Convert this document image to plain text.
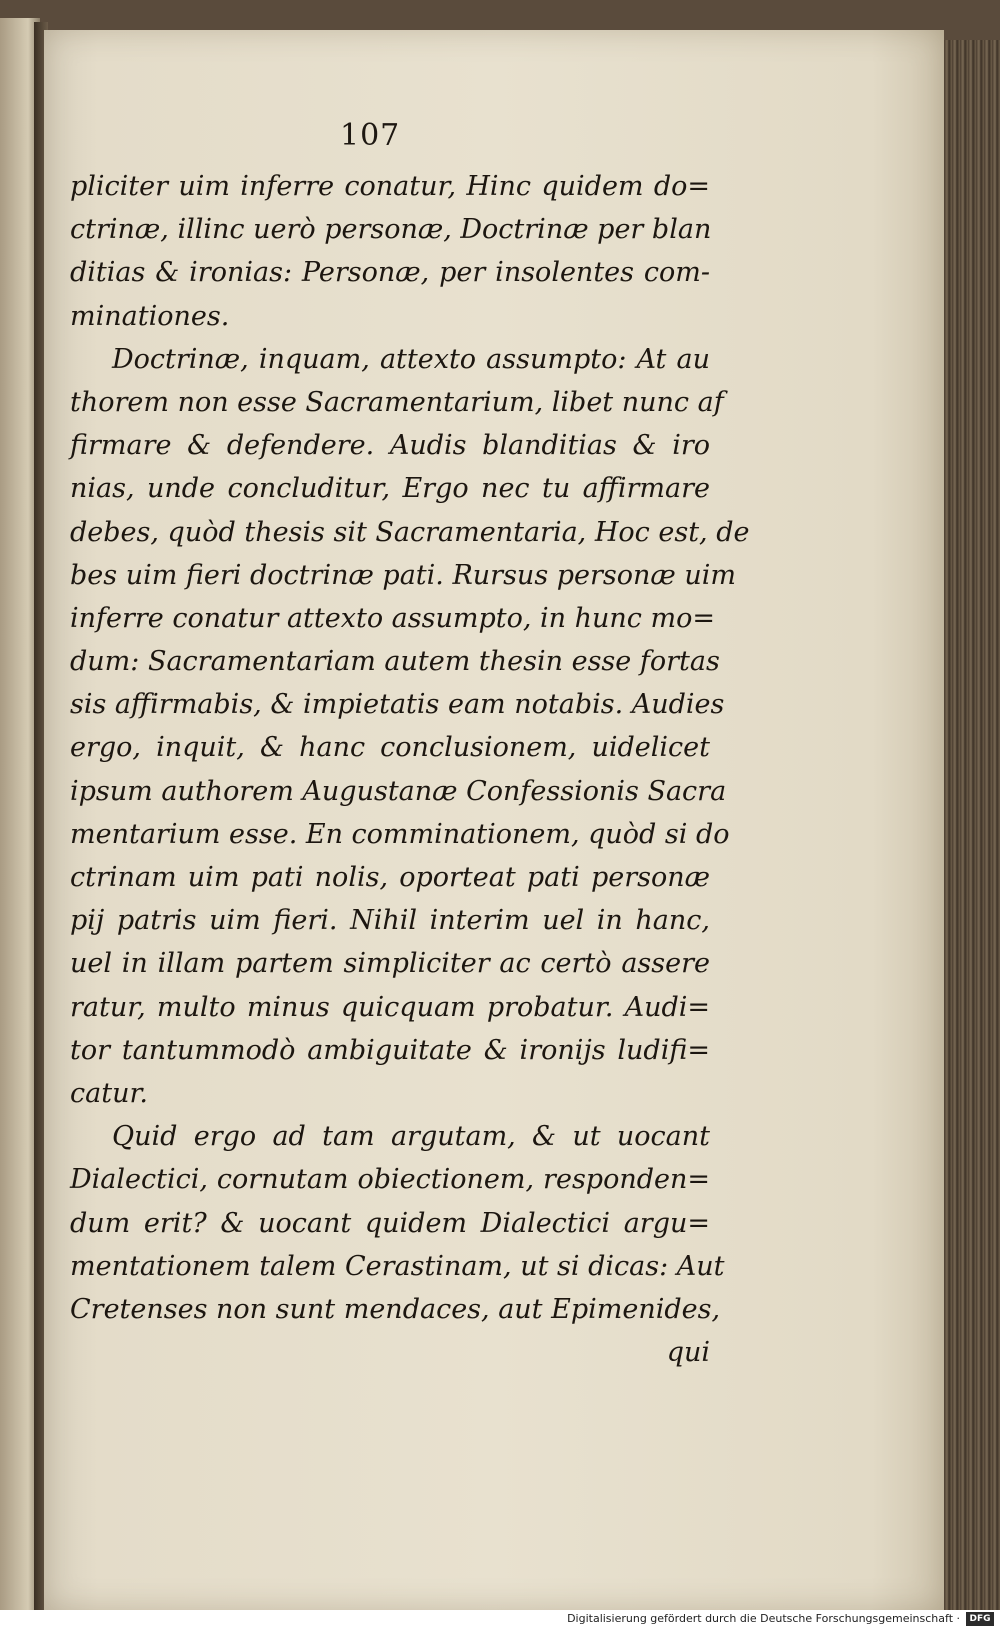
107
pliciter uim inferre conatur, Hinc quidem do=
ctrinæ, illinc uerò personæ, Doctrinæ per blan
ditias & ironias: Personæ, per insolentes com-
minationes.
Doctrinæ, inquam, attexto assumpto: At au
thorem non esse Sacramentarium, libet nunc af
firmare & defendere. Audis blanditias & iro
nias, unde concluditur, Ergo nec tu affirmare
debes, quòd thesis sit Sacramentaria, Hoc est, de
bes uim fieri doctrinæ pati. Rursus personæ uim
inferre conatur attexto assumpto, in hunc mo=
dum: Sacramentariam autem thesin esse fortas
sis affirmabis, & impietatis eam notabis. Audies
ergo, inquit, & hanc conclusionem, uidelicet
ipsum authorem Augustanæ Confessionis Sacra
mentarium esse. En comminationem, quòd si do
ctrinam uim pati nolis, oporteat pati personæ
pij patris uim fieri. Nihil interim uel in hanc,
uel in illam partem simpliciter ac certò assere
ratur, multo minus quicquam probatur. Audi=
tor tantummodò ambiguitate & ironijs ludifi=
catur.
Quid ergo ad tam argutam, & ut uocant
Dialectici, cornutam obiectionem, responden=
dum erit? & uocant quidem Dialectici argu=
mentationem talem Cerastinam, ut si dicas: Aut
Cretenses non sunt mendaces, aut Epimenides,
qui
Digitalisierung gefördert durch die Deutsche Forschungsgemeinschaft ·	DFG
